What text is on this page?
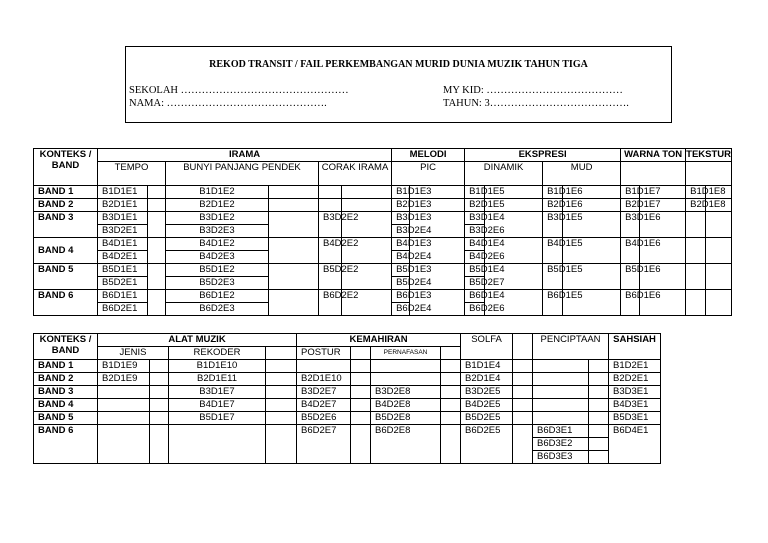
REKOD TRANSIT / FAIL PERKEMBANGAN MURID DUNIA MUZIK TAHUN TIGA
SEKOLAH …………………………………………
NAMA: ……………………………………….
MY KID: …………………………………
TAHUN: 3………………………………….
KONTEKS / BAND	IRAMA						MELODI		EKSPRESI				WARNA TON		TEKSTUR	
	TEMPO		BUNYI PANJANG PENDEK		CORAK IRAMA		PIC		DINAMIK		MUD					
BAND 1	B1D1E1		B1D1E2				B1D1E3		B1D1E5		B1D1E6		B1D1E7		B1D1E8	
BAND 2	B2D1E1		B2D1E2				B2D1E3		B2D1E5		B2D1E6		B2D1E7		B2D1E8	
BAND 3	B3D1E1		B3D1E2		B3D2E2		B3D1E3		B3D1E4		B3D1E5		B3D1E6			
	B3D2E1		B3D2E3				B3D2E4		B3D2E6							
BAND 4	B4D1E1		B4D1E2		B4D2E2		B4D1E3		B4D1E4		B4D1E5		B4D1E6			
	B4D2E1		B4D2E3				B4D2E4		B4D2E6							
BAND 5	B5D1E1		B5D1E2		B5D2E2		B5D1E3		B5D1E4		B5D1E5		B5D1E6			
	B5D2E1		B5D2E3				B5D2E4		B5D2E7							
BAND 6	B6D1E1		B6D1E2		B6D2E2		B6D1E3		B6D1E4		B6D1E5		B6D1E6			
	B6D2E1		B6D2E3				B6D2E4		B6D2E6							
KONTEKS / BAND	ALAT MUZIK				KEMAHIRAN				SOLFA		PENCIPTAAN		SAHSIAH
	JENIS		REKODER		POSTUR		PERNAFASAN						
BAND 1	B1D1E9		B1D1E10						B1D1E4				B1D2E1
BAND 2	B2D1E9		B2D1E11		B2D1E10				B2D1E4				B2D2E1
BAND 3			B3D1E7		B3D2E7		B3D2E8		B3D2E5				B3D3E1
BAND 4			B4D1E7		B4D2E7		B4D2E8		B4D2E5				B4D3E1
BAND 5			B5D1E7		B5D2E6		B5D2E8		B5D2E5				B5D3E1
BAND 6					B6D2E7		B6D2E8		B6D2E5		B6D3E1		B6D4E1
											B6D3E2		
											B6D3E3		
